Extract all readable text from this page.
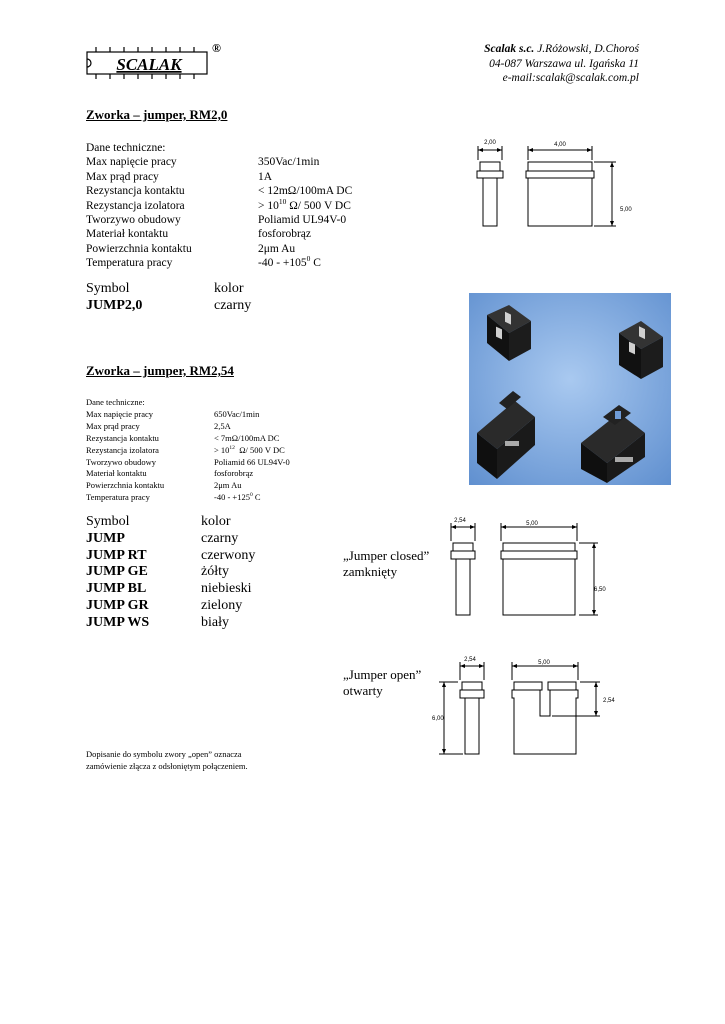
SCALAK
®	Scalak s.c. J.Różowski, D.Choroś
04-087 Warszawa ul. Igańska 11
e-mail:scalak@scalak.com.pl
Zworka – jumper, RM2,0
Dane techniczne:
Max napięcie pracy	350Vac/1min
Max prąd pracy	1A
Rezystancja kontaktu	< 12mΩ/100mA DC
Rezystancja izolatora	> $10^{10}$ Ω/ 500 V DC
Tworzywo obudowy	Poliamid UL94V-0
Materiał kontaktu	fosforobrąz
Powierzchnia kontaktu	2μm Au
Temperatura pracy	$-40 - +105^0$ C
Symbol	kolor
JUMP2,0	czarny
2,00	4,00
5,00
Zworka – jumper, RM2,54
Dane techniczne:
Max napięcie pracy	650Vac/1min
Max prąd pracy	2,5A
Rezystancja kontaktu	< 7mΩ/100mA DC
Rezystancja izolatora	> $10^{12}$  Ω/ 500 V DC
Tworzywo obudowy	Poliamid 66 UL94V-0
Materiał kontaktu	fosforobrąz
Powierzchnia kontaktu	2μm Au
Temperatura pracy	$-40 - +125^0$ C
Symbol	kolor
JUMP	czarny
JUMP RT	czerwony
JUMP GE	żółty
JUMP BL	niebieski
JUMP GR	zielony
JUMP WS	biały
„Jumper closed”
zamknięty
„Jumper open”
otwarty
2,54	5,00
6,50
2,54	5,00
6,00
2,54
Dopisanie do symbolu zwory „open” oznacza
zamówienie złącza z odsłoniętym połączeniem.
